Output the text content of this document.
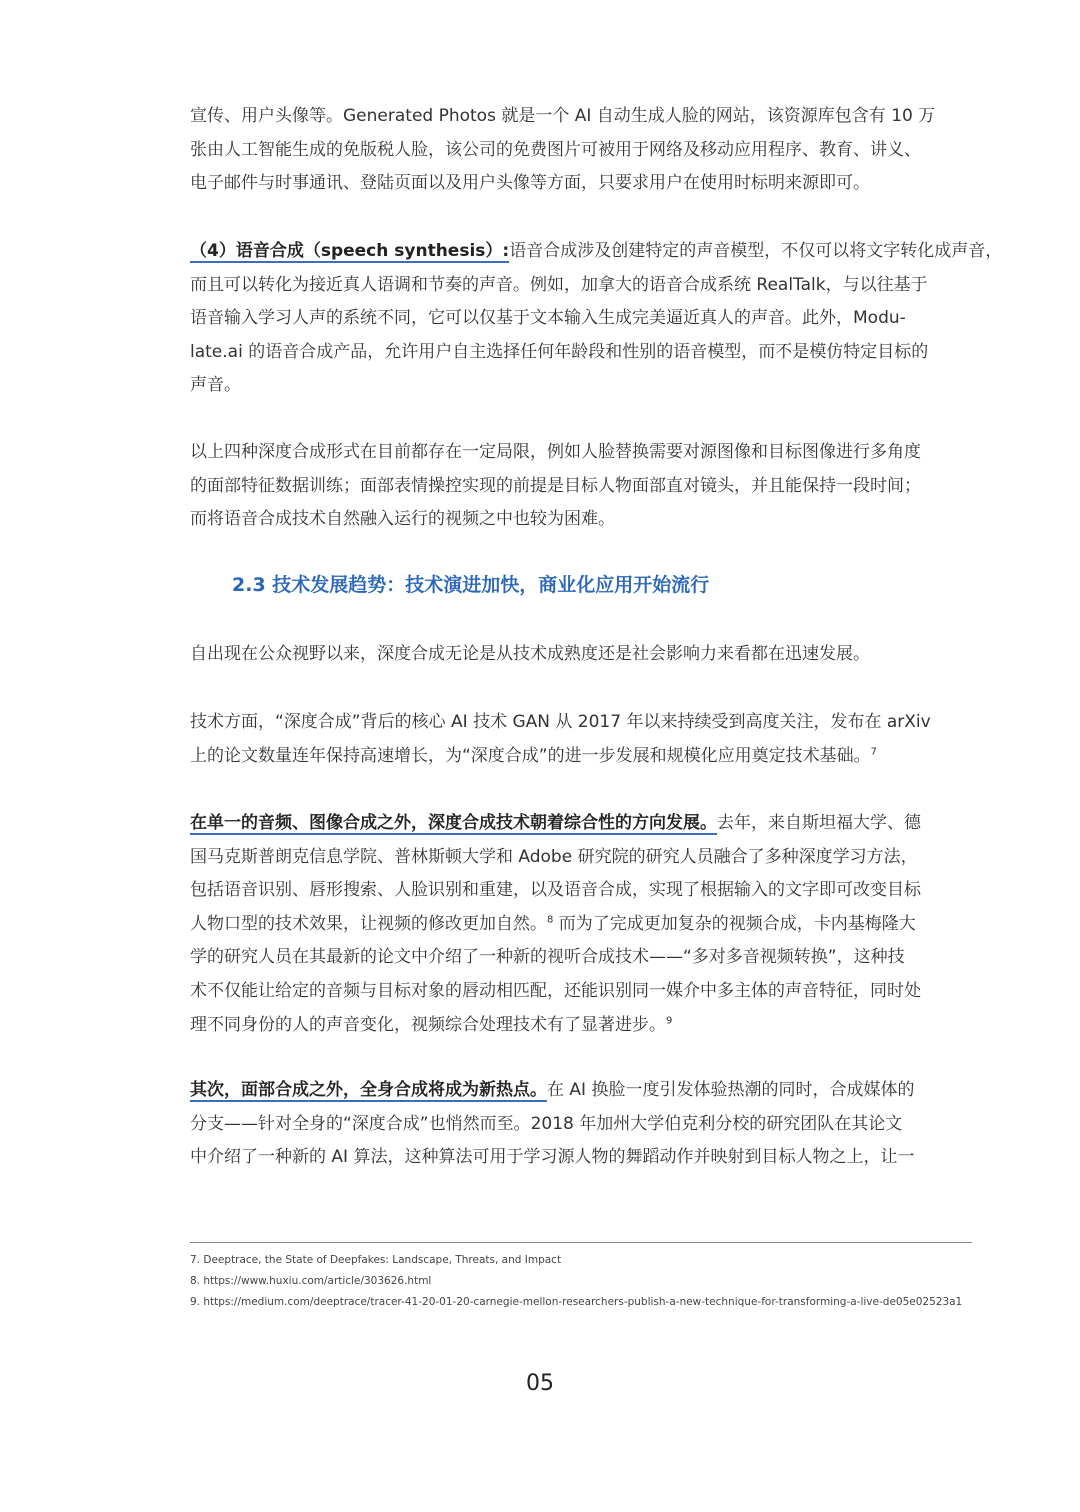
宣传、用户头像等。Generated Photos 就是一个 AI 自动生成人脸的网站，该资源库包含有 10 万
张由人工智能生成的免版税人脸，该公司的免费图片可被用于网络及移动应用程序、教育、讲义、
电子邮件与时事通讯、登陆页面以及用户头像等方面，只要求用户在使用时标明来源即可。
（4）语音合成（speech synthesis）:语音合成涉及创建特定的声音模型，不仅可以将文字转化成声音，
而且可以转化为接近真人语调和节奏的声音。例如，加拿大的语音合成系统 RealTalk，与以往基于
语音输入学习人声的系统不同，它可以仅基于文本输入生成完美逼近真人的声音。此外，Modu-
late.ai 的语音合成产品，允许用户自主选择任何年龄段和性别的语音模型，而不是模仿特定目标的
声音。
以上四种深度合成形式在目前都存在一定局限，例如人脸替换需要对源图像和目标图像进行多角度
的面部特征数据训练；面部表情操控实现的前提是目标人物面部直对镜头，并且能保持一段时间；
而将语音合成技术自然融入运行的视频之中也较为困难。
2.3 技术发展趋势：技术演进加快，商业化应用开始流行
自出现在公众视野以来，深度合成无论是从技术成熟度还是社会影响力来看都在迅速发展。
技术方面，“深度合成”背后的核心 AI 技术 GAN 从 2017 年以来持续受到高度关注，发布在 arXiv
上的论文数量连年保持高速增长，为“深度合成”的进一步发展和规模化应用奠定技术基础。$^7$
在单一的音频、图像合成之外，深度合成技术朝着综合性的方向发展。去年，来自斯坦福大学、德
国马克斯普朗克信息学院、普林斯顿大学和 Adobe 研究院的研究人员融合了多种深度学习方法，
包括语音识别、唇形搜索、人脸识别和重建，以及语音合成，实现了根据输入的文字即可改变目标
人物口型的技术效果，让视频的修改更加自然。$^8$ 而为了完成更加复杂的视频合成，卡内基梅隆大
学的研究人员在其最新的论文中介绍了一种新的视听合成技术——“多对多音视频转换”，这种技
术不仅能让给定的音频与目标对象的唇动相匹配，还能识别同一媒介中多主体的声音特征，同时处
理不同身份的人的声音变化，视频综合处理技术有了显著进步。$^9$
其次，面部合成之外，全身合成将成为新热点。在 AI 换脸一度引发体验热潮的同时，合成媒体的
分支——针对全身的“深度合成”也悄然而至。2018 年加州大学伯克利分校的研究团队在其论文
中介绍了一种新的 AI 算法，这种算法可用于学习源人物的舞蹈动作并映射到目标人物之上，让一
7. Deeptrace, the State of Deepfakes: Landscape, Threats, and Impact
8. https://www.huxiu.com/article/303626.html
9. https://medium.com/deeptrace/tracer-41-20-01-20-carnegie-mellon-researchers-publish-a-new-technique-for-transforming-a-live-de05e02523a1
05
